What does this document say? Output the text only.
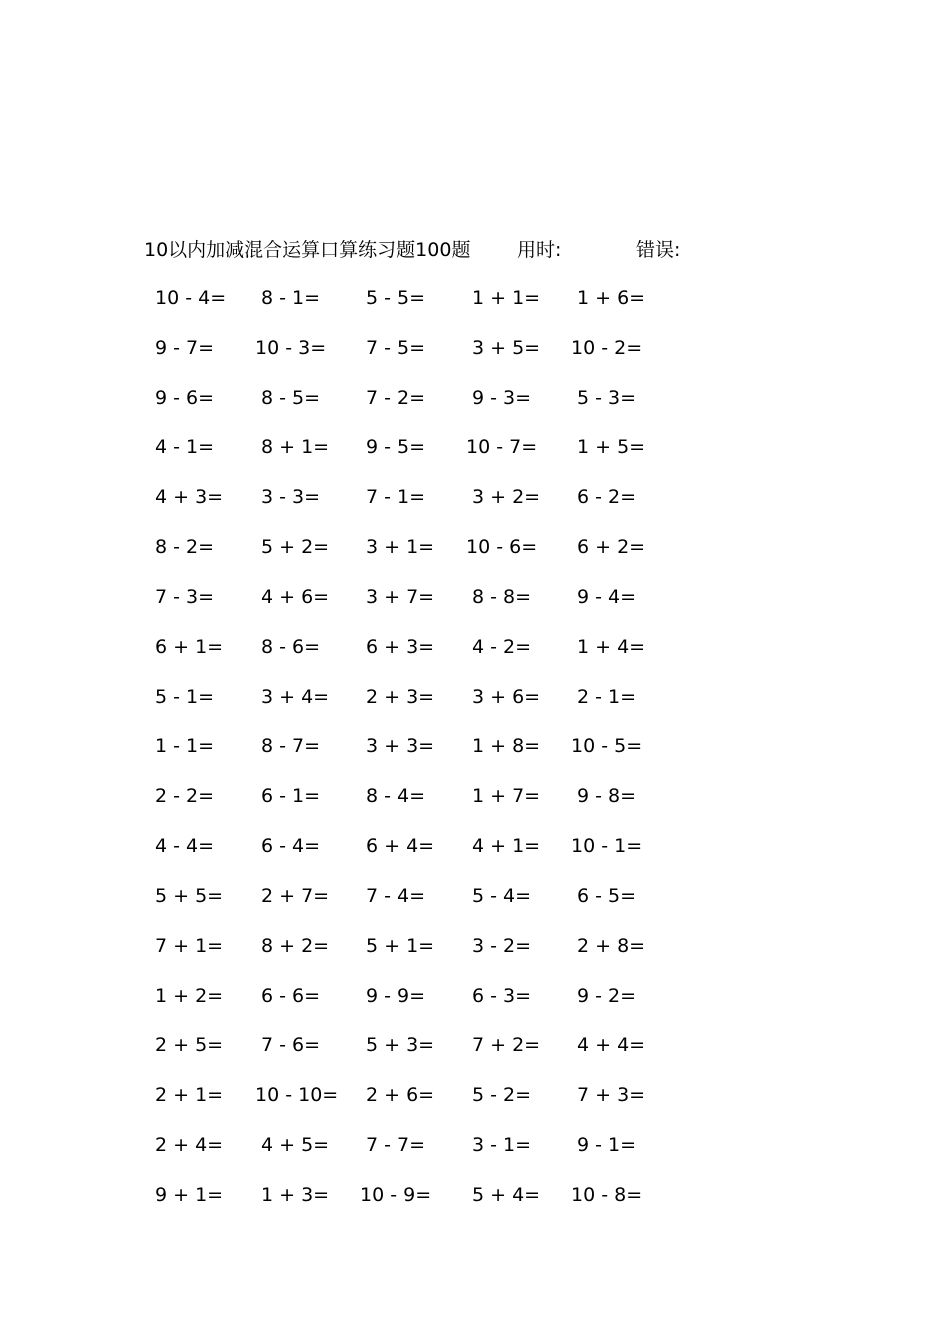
10以内加减混合运算口算练习题100题 用时:	错误:
10 - 4=	8 - 1=	5 - 5=	1 + 1=	1 + 6=
9 - 7=	10 - 3=	7 - 5=	3 + 5=	10 - 2=
9 - 6=	8 - 5=	7 - 2=	9 - 3=	5 - 3=
4 - 1=	8 + 1=	9 - 5=	10 - 7=	1 + 5=
4 + 3=	3 - 3=	7 - 1=	3 + 2=	6 - 2=
8 - 2=	5 + 2=	3 + 1=	10 - 6=	6 + 2=
7 - 3=	4 + 6=	3 + 7=	8 - 8=	9 - 4=
6 + 1=	8 - 6=	6 + 3=	4 - 2=	1 + 4=
5 - 1=	3 + 4=	2 + 3=	3 + 6=	2 - 1=
1 - 1=	8 - 7=	3 + 3=	1 + 8=	10 - 5=
2 - 2=	6 - 1=	8 - 4=	1 + 7=	9 - 8=
4 - 4=	6 - 4=	6 + 4=	4 + 1=	10 - 1=
5 + 5=	2 + 7=	7 - 4=	5 - 4=	6 - 5=
7 + 1=	8 + 2=	5 + 1=	3 - 2=	2 + 8=
1 + 2=	6 - 6=	9 - 9=	6 - 3=	9 - 2=
2 + 5=	7 - 6=	5 + 3=	7 + 2=	4 + 4=
2 + 1=	10 - 10=	2 + 6=	5 - 2=	7 + 3=
2 + 4=	4 + 5=	7 - 7=	3 - 1=	9 - 1=
9 + 1=	1 + 3=	10 - 9=	5 + 4=	10 - 8=
